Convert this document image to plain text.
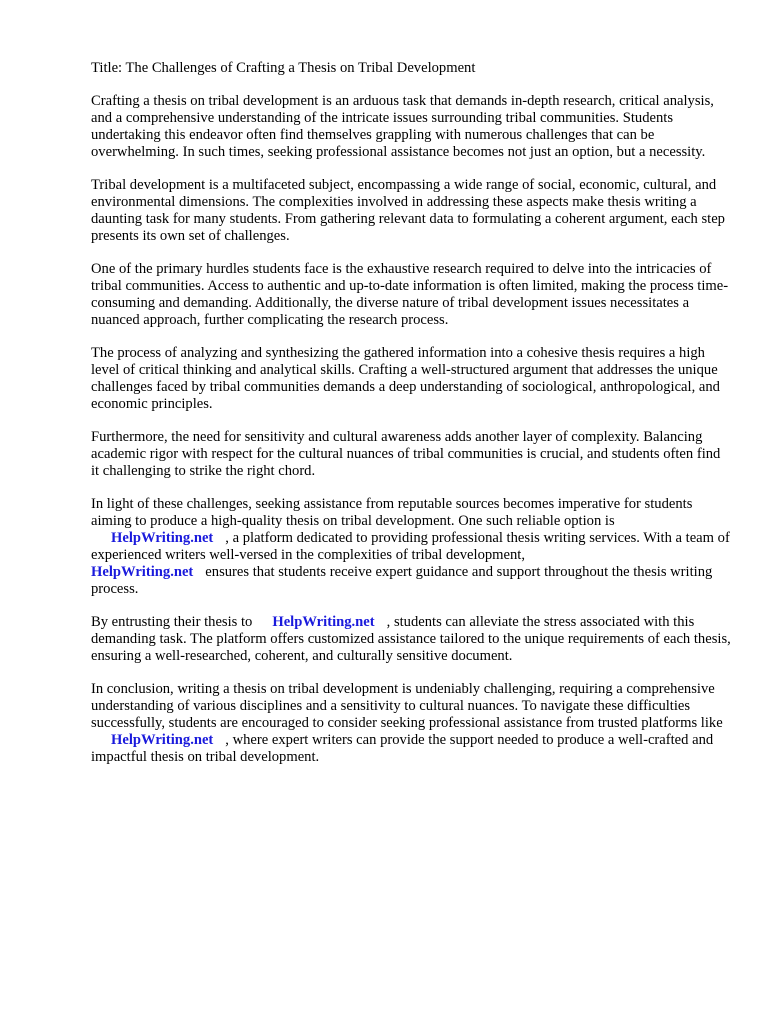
Title: The Challenges of Crafting a Thesis on Tribal Development

Crafting a thesis on tribal development is an arduous task that demands in-depth research, critical analysis, and a comprehensive understanding of the intricate issues surrounding tribal communities. Students undertaking this endeavor often find themselves grappling with numerous challenges that can be overwhelming. In such times, seeking professional assistance becomes not just an option, but a necessity.

Tribal development is a multifaceted subject, encompassing a wide range of social, economic, cultural, and environmental dimensions. The complexities involved in addressing these aspects make thesis writing a daunting task for many students. From gathering relevant data to formulating a coherent argument, each step presents its own set of challenges.

One of the primary hurdles students face is the exhaustive research required to delve into the intricacies of tribal communities. Access to authentic and up-to-date information is often limited, making the process time-consuming and demanding. Additionally, the diverse nature of tribal development issues necessitates a nuanced approach, further complicating the research process.

The process of analyzing and synthesizing the gathered information into a cohesive thesis requires a high level of critical thinking and analytical skills. Crafting a well-structured argument that addresses the unique challenges faced by tribal communities demands a deep understanding of sociological, anthropological, and economic principles.

Furthermore, the need for sensitivity and cultural awareness adds another layer of complexity. Balancing academic rigor with respect for the cultural nuances of tribal communities is crucial, and students often find it challenging to strike the right chord.

In light of these challenges, seeking assistance from reputable sources becomes imperative for students aiming to produce a high-quality thesis on tribal development. One such reliable option is
HelpWriting.net , a platform dedicated to providing professional thesis writing services. With a team of experienced writers well-versed in the complexities of tribal development,
HelpWriting.net ensures that students receive expert guidance and support throughout the thesis writing process.

By entrusting their thesis to HelpWriting.net , students can alleviate the stress associated with this demanding task. The platform offers customized assistance tailored to the unique requirements of each thesis, ensuring a well-researched, coherent, and culturally sensitive document.

In conclusion, writing a thesis on tribal development is undeniably challenging, requiring a comprehensive understanding of various disciplines and a sensitivity to cultural nuances. To navigate these difficulties successfully, students are encouraged to consider seeking professional assistance from trusted platforms likeHelpWriting.net , where expert writers can provide the support needed to produce a well-crafted and impactful thesis on tribal development.
